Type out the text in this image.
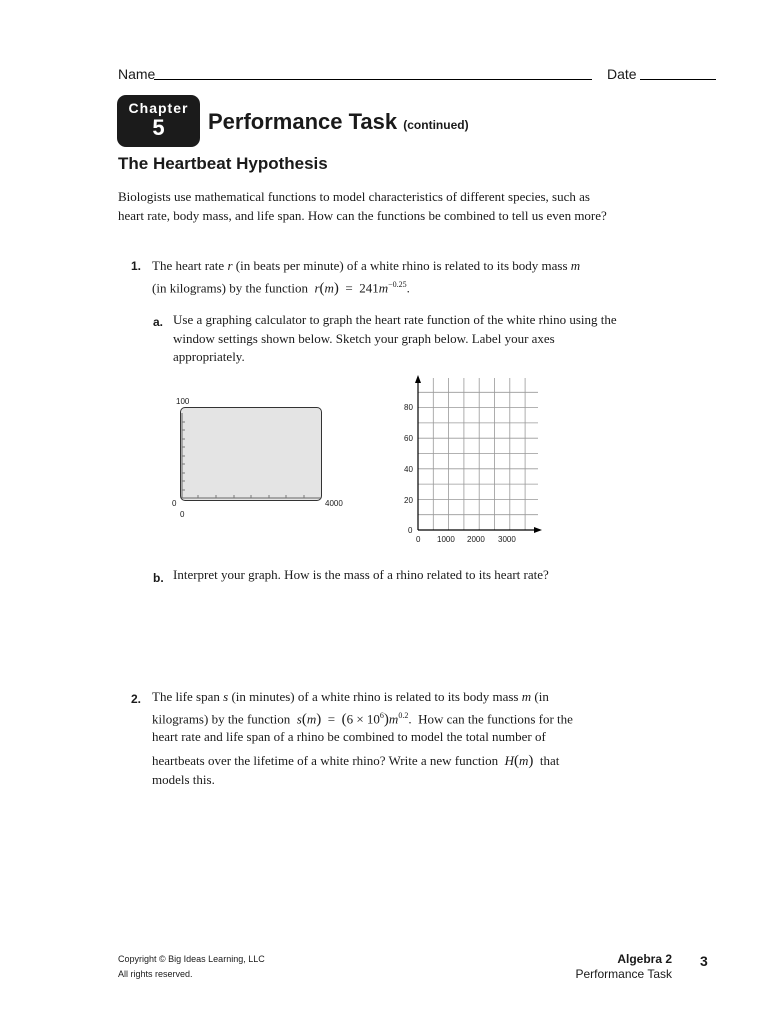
Name	Date
Chapter
5	Performance Task (continued)
The Heartbeat Hypothesis
Biologists use mathematical functions to model characteristics of different species, such as heart rate, body mass, and life span. How can the functions be combined to tell us even more?
1. The heart rate r (in beats per minute) of a white rhino is related to its body mass m
(in kilograms) by the function  $r(m) = 241m^{-0.25}$.
a. Use a graphing calculator to graph the heart rate function of the white rhino using the window settings shown below. Sketch your graph below. Label your axes appropriately.
100
0
0
4000
80
60
40
20
0
0 1000 2000 3000
b. Interpret your graph. How is the mass of a rhino related to its heart rate?
2. The life span s (in minutes) of a white rhino is related to its body mass m (in
kilograms) by the function  $s(m) = (6 \times 10^6)m^{0.2}$.  How can the functions for the
heart rate and life span of a rhino be combined to model the total number of
heartbeats over the lifetime of a white rhino? Write a new function  H(m)  that
models this.
Copyright © Big Ideas Learning, LLC
All rights reserved.
Algebra 2
Performance Task
3
